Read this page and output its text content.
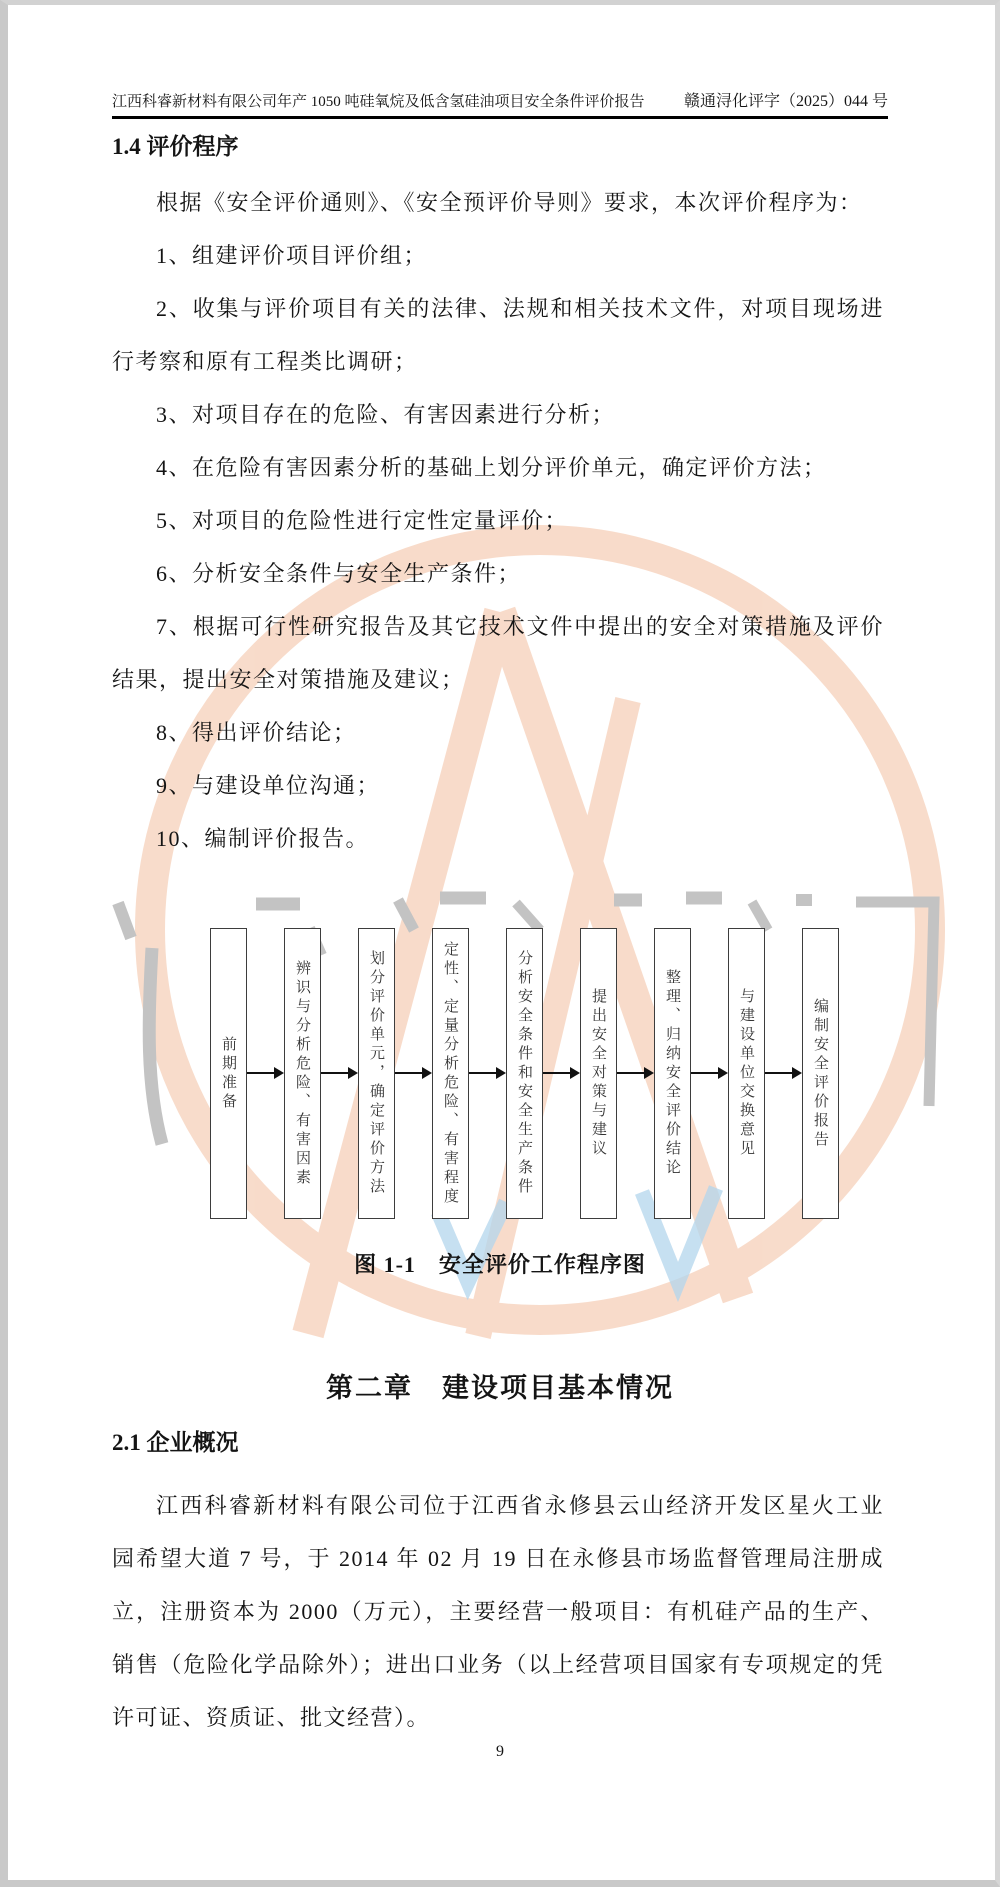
江西科睿新材料有限公司年产 1050 吨硅氧烷及低含氢硅油项目安全条件评价报告 赣通浔化评字（2025）044 号
1.4 评价程序

根据《安全评价通则》、《安全预评价导则》要求，本次评价程序为：

1、组建评价项目评价组；

2、收集与评价项目有关的法律、法规和相关技术文件，对项目现场进行考察和原有工程类比调研；

3、对项目存在的危险、有害因素进行分析；

4、在危险有害因素分析的基础上划分评价单元，确定评价方法；

5、对项目的危险性进行定性定量评价；

6、分析安全条件与安全生产条件；

7、根据可行性研究报告及其它技术文件中提出的安全对策措施及评价结果，提出安全对策措施及建议；

8、得出评价结论；

9、与建设单位沟通；

10、编制评价报告。

前期准备	辨识与分析危险、有害因素	划分评价单元，确定评价方法	定性、定量分析危险、有害程度	分析安全条件和安全生产条件	提出安全对策与建议	整理、归纳安全评价结论	与建设单位交换意见	编制安全评价报告
图 1-1　安全评价工作程序图
第二章　建设项目基本情况
2.1 企业概况

江西科睿新材料有限公司位于江西省永修县云山经济开发区星火工业园希望大道 7 号，于 2014 年 02 月 19 日在永修县市场监督管理局注册成立，注册资本为 2000（万元），主要经营一般项目：有机硅产品的生产、销售（危险化学品除外）；进出口业务（以上经营项目国家有专项规定的凭许可证、资质证、批文经营）。

9
